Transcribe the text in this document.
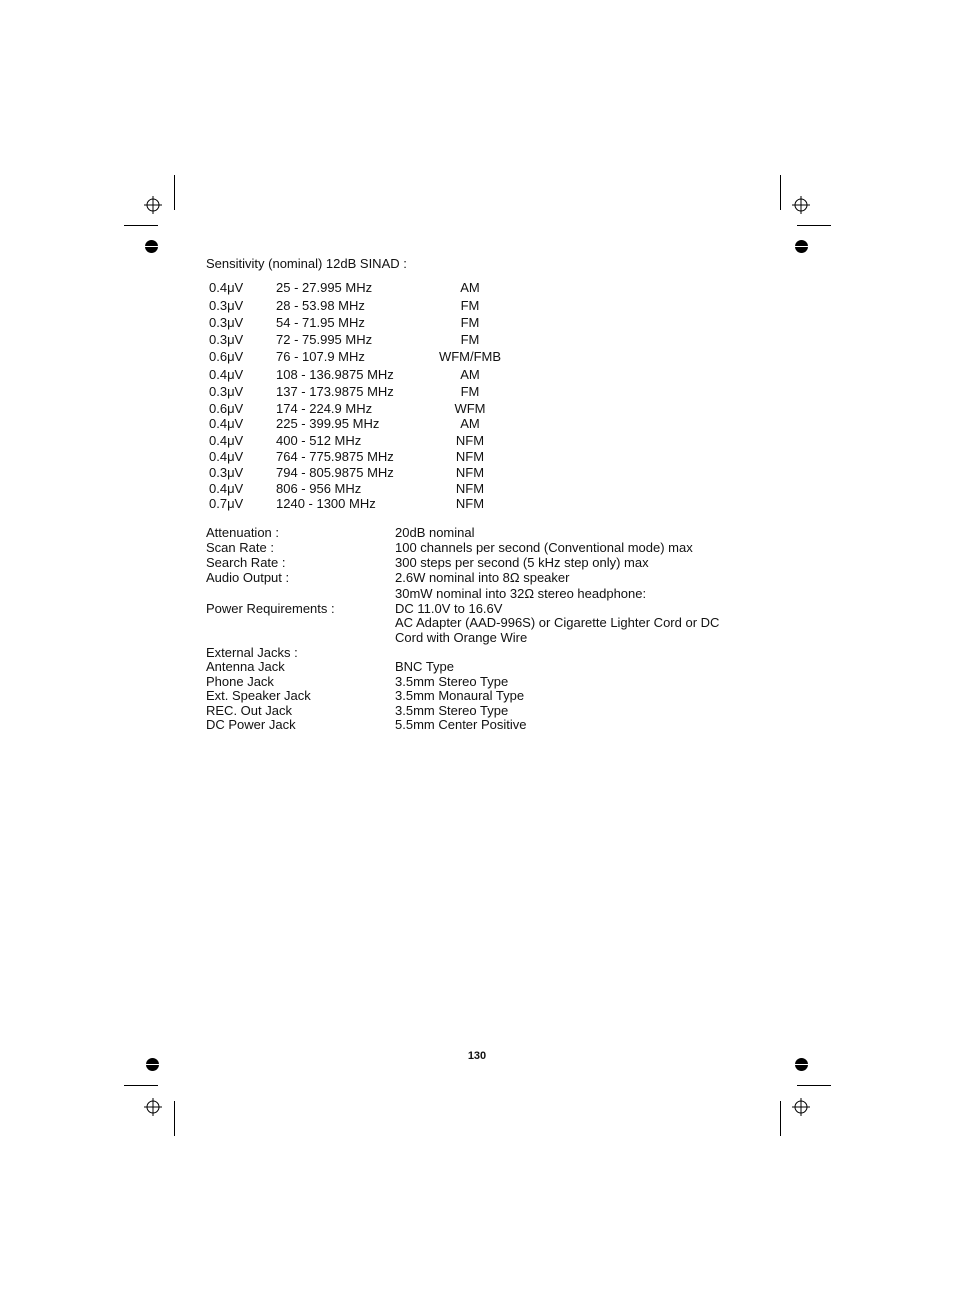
Sensitivity (nominal) 12dB SINAD :
0.4μV	25 - 27.995 MHz	AM
0.3μV	28 - 53.98 MHz	FM
0.3μV	54 - 71.95 MHz	FM
0.3μV	72 - 75.995 MHz	FM
0.6μV	76 - 107.9 MHz	WFM/FMB
0.4μV	108 - 136.9875 MHz	AM
0.3μV	137 - 173.9875 MHz	FM
0.6μV	174 - 224.9 MHz	WFM
0.4μV	225 - 399.95 MHz	AM
0.4μV	400 - 512 MHz	NFM
0.4μV	764 - 775.9875 MHz	NFM
0.3μV	794 - 805.9875 MHz	NFM
0.4μV	806 - 956 MHz	NFM
0.7μV	1240 - 1300 MHz	NFM
Attenuation :	20dB nominal
Scan Rate :	100 channels per second (Conventional mode) max
Search Rate :	300 steps per second (5 kHz step only) max
Audio Output :	2.6W nominal into 8Ω speaker
30mW nominal into 32Ω stereo headphone:
Power Requirements :	DC 11.0V to 16.6V
AC Adapter (AAD-996S) or Cigarette Lighter Cord or DC
Cord with Orange Wire
External Jacks :
Antenna Jack	BNC Type
Phone Jack	3.5mm Stereo Type
Ext. Speaker Jack	3.5mm Monaural Type
REC. Out Jack	3.5mm Stereo Type
DC Power Jack	5.5mm Center Positive
130
